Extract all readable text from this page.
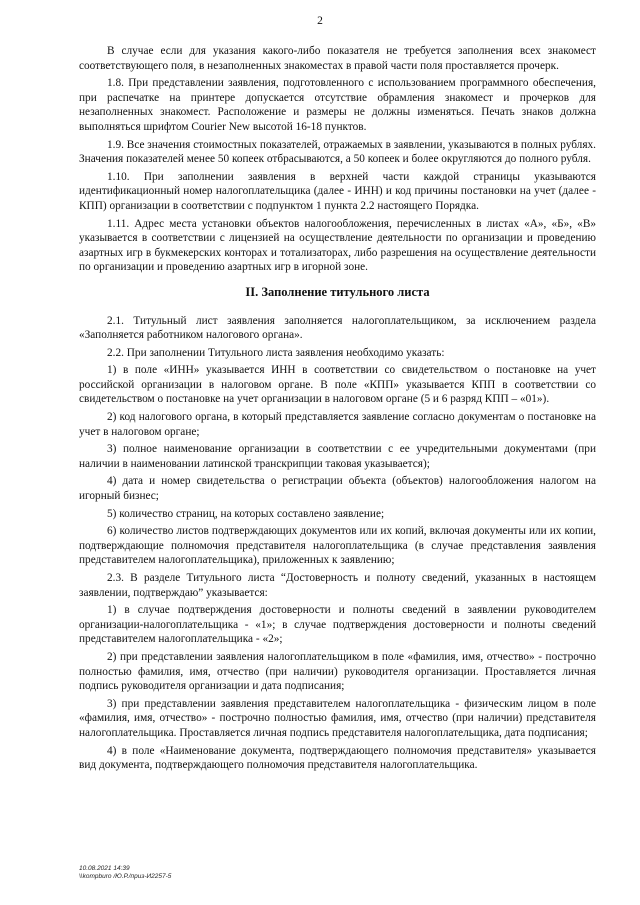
2

В случае если для указания какого-либо показателя не требуется заполнения всех знакомест соответствующего поля, в незаполненных знакоместах в правой части поля проставляется прочерк.

1.8. При представлении заявления, подготовленного с использованием программного обеспечения, при распечатке на принтере допускается отсутствие обрамления знакомест и прочерков для незаполненных знакомест. Расположение и размеры не должны изменяться. Печать знаков должна выполняться шрифтом Courier New высотой 16-18 пунктов.

1.9. Все значения стоимостных показателей, отражаемых в заявлении, указываются в полных рублях. Значения показателей менее 50 копеек отбрасываются, а 50 копеек и более округляются до полного рубля.

1.10. При заполнении заявления в верхней части каждой страницы указываются идентификационный номер налогоплательщика (далее - ИНН) и код причины постановки на учет (далее - КПП) организации в соответствии с подпунктом 1 пункта 2.2 настоящего Порядка.

1.11. Адрес места установки объектов налогообложения, перечисленных в листах «А», «Б», «В» указывается в соответствии с лицензией на осуществление деятельности по организации и проведению азартных игр в букмекерских конторах и тотализаторах, либо разрешения на осуществление деятельности по организации и проведению азартных игр в игорной зоне.

II. Заполнение титульного листа

2.1. Титульный лист заявления заполняется налогоплательщиком, за исключением раздела «Заполняется работником налогового органа».

2.2. При заполнении Титульного листа заявления необходимо указать:

1) в поле «ИНН» указывается ИНН в соответствии со свидетельством о постановке на учет российской организации в налоговом органе. В поле «КПП» указывается КПП в соответствии со свидетельством о постановке на учет организации в налоговом органе (5 и 6 разряд КПП – «01»).

2) код налогового органа, в который представляется заявление согласно документам о постановке на учет в налоговом органе;

3) полное наименование организации в соответствии с ее учредительными документами (при наличии в наименовании латинской транскрипции таковая указывается);

4) дата и номер свидетельства о регистрации объекта (объектов) налогообложения налогом на игорный бизнес;

5) количество страниц, на которых составлено заявление;

6) количество листов подтверждающих документов или их копий, включая документы или их копии, подтверждающие полномочия представителя налогоплательщика (в случае представления заявления представителем налогоплательщика), приложенных к заявлению;

2.3. В разделе Титульного листа “Достоверность и полноту сведений, указанных в настоящем заявлении, подтверждаю” указывается:

1) в случае подтверждения достоверности и полноты сведений в заявлении руководителем организации-налогоплательщика - «1»; в случае подтверждения достоверности и полноты сведений представителем налогоплательщика - «2»;

2) при представлении заявления налогоплательщиком в поле «фамилия, имя, отчество» - построчно полностью фамилия, имя, отчество (при наличии) руководителя организации. Проставляется личная подпись руководителя организации и дата подписания;

3) при представлении заявления представителем налогоплательщика - физическим лицом в поле «фамилия, имя, отчество» - построчно полностью фамилия, имя, отчество (при наличии) представителя налогоплательщика. Проставляется личная подпись представителя налогоплательщика, дата подписания;

4) в поле «Наименование документа, подтверждающего полномочия представителя» указывается вид документа, подтверждающего полномочия представителя налогоплательщика.

10.08.2021 14:39
\\kompburo /Ю.Р./приз-И2257-5
